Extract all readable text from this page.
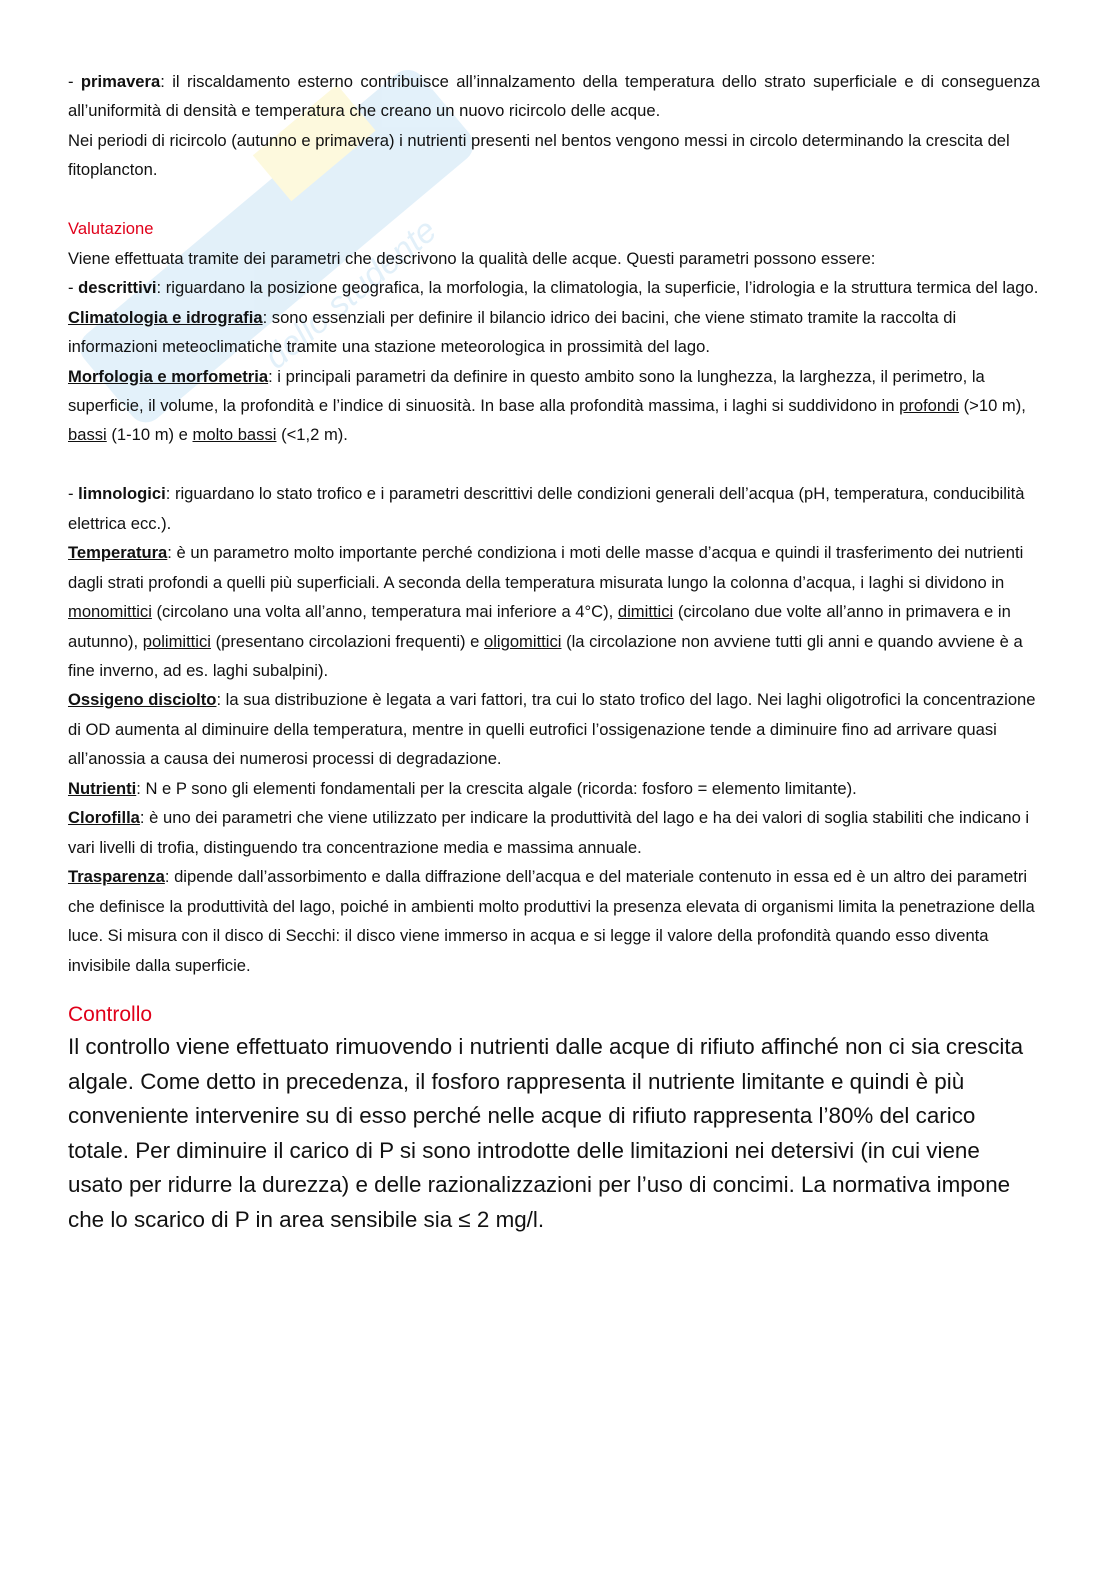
dello studente

- primavera: il riscaldamento esterno contribuisce all’innalzamento della temperatura dello strato superficiale e di conseguenza all’uniformità di densità e temperatura che creano un nuovo ricircolo delle acque.

Nei periodi di ricircolo (autunno e primavera) i nutrienti presenti nel bentos vengono messi in circolo determinando la crescita del fitoplancton.

Valutazione

Viene effettuata tramite dei parametri che descrivono la qualità delle acque. Questi parametri possono essere:

- descrittivi: riguardano la posizione geografica, la morfologia, la climatologia, la superficie, l’idrologia e la struttura termica del lago.

Climatologia e idrografia: sono essenziali per definire il bilancio idrico dei bacini, che viene stimato tramite la raccolta di informazioni meteoclimatiche tramite una stazione meteorologica in prossimità del lago.

Morfologia e morfometria: i principali parametri da definire in questo ambito sono la lunghezza, la larghezza, il perimetro, la superficie, il volume, la profondità e l’indice di sinuosità. In base alla profondità massima, i laghi si suddividono in profondi (>10 m), bassi (1-10 m) e molto bassi (<1,2 m).

- limnologici: riguardano lo stato trofico e i parametri descrittivi delle condizioni generali dell’acqua (pH, temperatura, conducibilità elettrica ecc.).

Temperatura: è un parametro molto importante perché condiziona i moti delle masse d’acqua e quindi il trasferimento dei nutrienti dagli strati profondi a quelli più superficiali. A seconda della temperatura misurata lungo la colonna d’acqua, i laghi si dividono in monomittici (circolano una volta all’anno, temperatura mai inferiore a 4°C), dimittici (circolano due volte all’anno in primavera e in autunno), polimittici (presentano circolazioni frequenti) e oligomittici (la circolazione non avviene tutti gli anni e quando avviene è a fine inverno, ad es. laghi subalpini).

Ossigeno disciolto: la sua distribuzione è legata a vari fattori, tra cui lo stato trofico del lago. Nei laghi oligotrofici la concentrazione di OD aumenta al diminuire della temperatura, mentre in quelli eutrofici l’ossigenazione tende a diminuire fino ad arrivare quasi all’anossia a causa dei numerosi processi di degradazione.

Nutrienti: N e P sono gli elementi fondamentali per la crescita algale (ricorda: fosforo = elemento limitante).

Clorofilla: è uno dei parametri che viene utilizzato per indicare la produttività del lago e ha dei valori di soglia stabiliti che indicano i vari livelli di trofia, distinguendo tra concentrazione media e massima annuale.

Trasparenza: dipende dall’assorbimento e dalla diffrazione dell’acqua e del materiale contenuto in essa ed è un altro dei parametri che definisce la produttività del lago, poiché in ambienti molto produttivi la presenza elevata di organismi limita la penetrazione della luce. Si misura con il disco di Secchi: il disco viene immerso in acqua e si legge il valore della profondità quando esso diventa invisibile dalla superficie.

Controllo

Il controllo viene effettuato rimuovendo i nutrienti dalle acque di rifiuto affinché non ci sia crescita algale. Come detto in precedenza, il fosforo rappresenta il nutriente limitante e quindi è più conveniente intervenire su di esso perché nelle acque di rifiuto rappresenta l’80% del carico totale. Per diminuire il carico di P si sono introdotte delle limitazioni nei detersivi (in cui viene usato per ridurre la durezza) e delle razionalizzazioni per l’uso di concimi. La normativa impone che lo scarico di P in area sensibile sia ≤ 2 mg/l.
